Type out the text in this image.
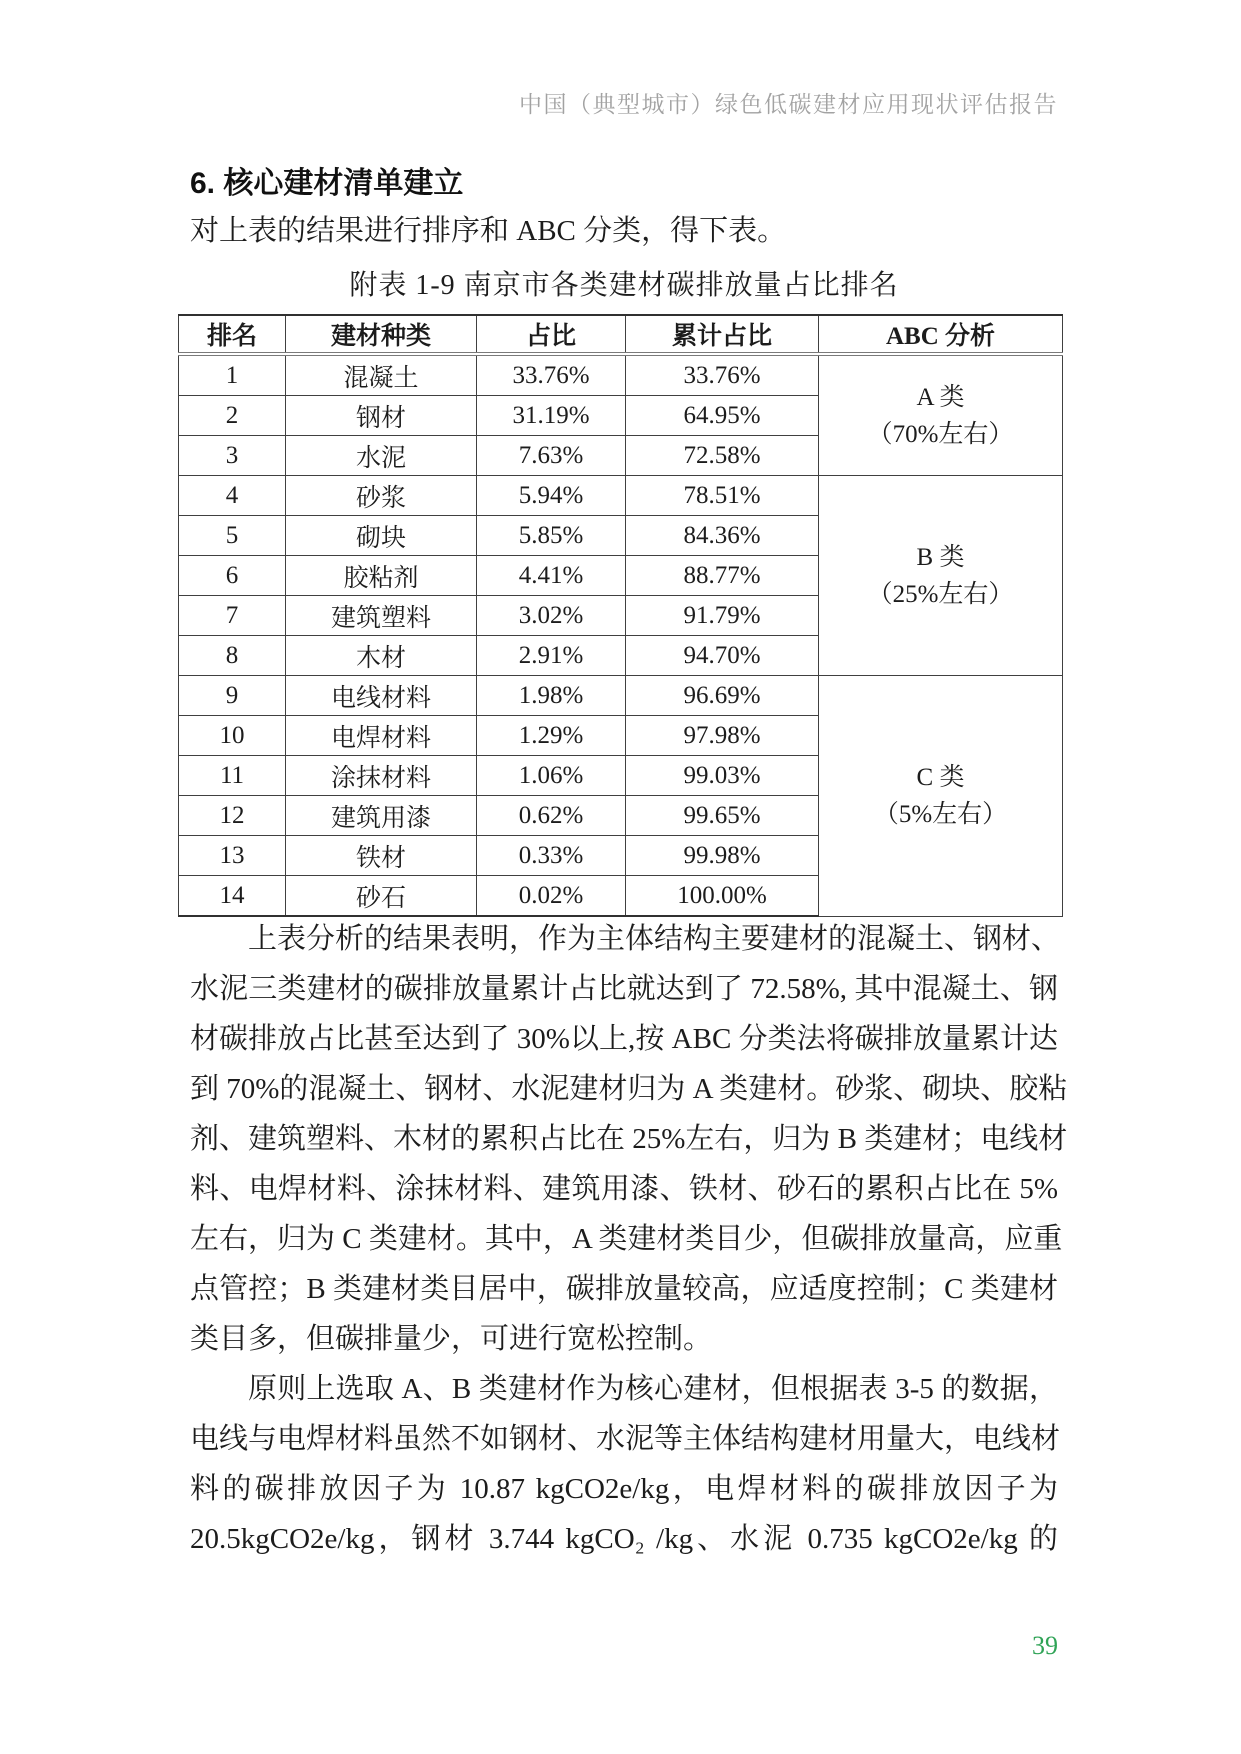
中国（典型城市）绿色低碳建材应用现状评估报告
6. 核心建材清单建立
对上表的结果进行排序和 ABC 分类，得下表。
附表 1-9 南京市各类建材碳排放量占比排名
排名	建材种类	占比	累计占比	ABC 分析
1	混凝土	33.76%	33.76%	A 类
（70%左右）

2	钢材	31.19%	64.95%	
3	水泥	7.63%	72.58%	
4	砂浆	5.94%	78.51%	B 类
（25%左右）

5	砌块	5.85%	84.36%	
6	胶粘剂	4.41%	88.77%	
7	建筑塑料	3.02%	91.79%	
8	木材	2.91%	94.70%	
9	电线材料	1.98%	96.69%	C 类
（5%左右）

10	电焊材料	1.29%	97.98%	
11	涂抹材料	1.06%	99.03%	
12	建筑用漆	0.62%	99.65%	
13	铁材	0.33%	99.98%	
14	砂石	0.02%	100.00%	
上表分析的结果表明，作为主体结构主要建材的混凝土、钢材、
水泥三类建材的碳排放量累计占比就达到了 72.58%, 其中混凝土、钢
材碳排放占比甚至达到了 30%以上,按 ABC 分类法将碳排放量累计达
到 70%的混凝土、钢材、水泥建材归为 A 类建材。砂浆、砌块、胶粘
剂、建筑塑料、木材的累积占比在 25%左右，归为 B 类建材；电线材
料、电焊材料、涂抹材料、建筑用漆、铁材、砂石的累积占比在 5%
左右，归为 C 类建材。其中，A 类建材类目少，但碳排放量高，应重
点管控；B 类建材类目居中，碳排放量较高，应适度控制；C 类建材
类目多，但碳排量少，可进行宽松控制。
原则上选取 A、B 类建材作为核心建材，但根据表 3-5 的数据，
电线与电焊材料虽然不如钢材、水泥等主体结构建材用量大，电线材
料的碳排放因子为 10.87 kgCO2e/kg，电焊材料的碳排放因子为
20.5kgCO2e/kg，钢材 3.744 kgCO₂ /kg、水泥 0.735 kgCO2e/kg 的
39
